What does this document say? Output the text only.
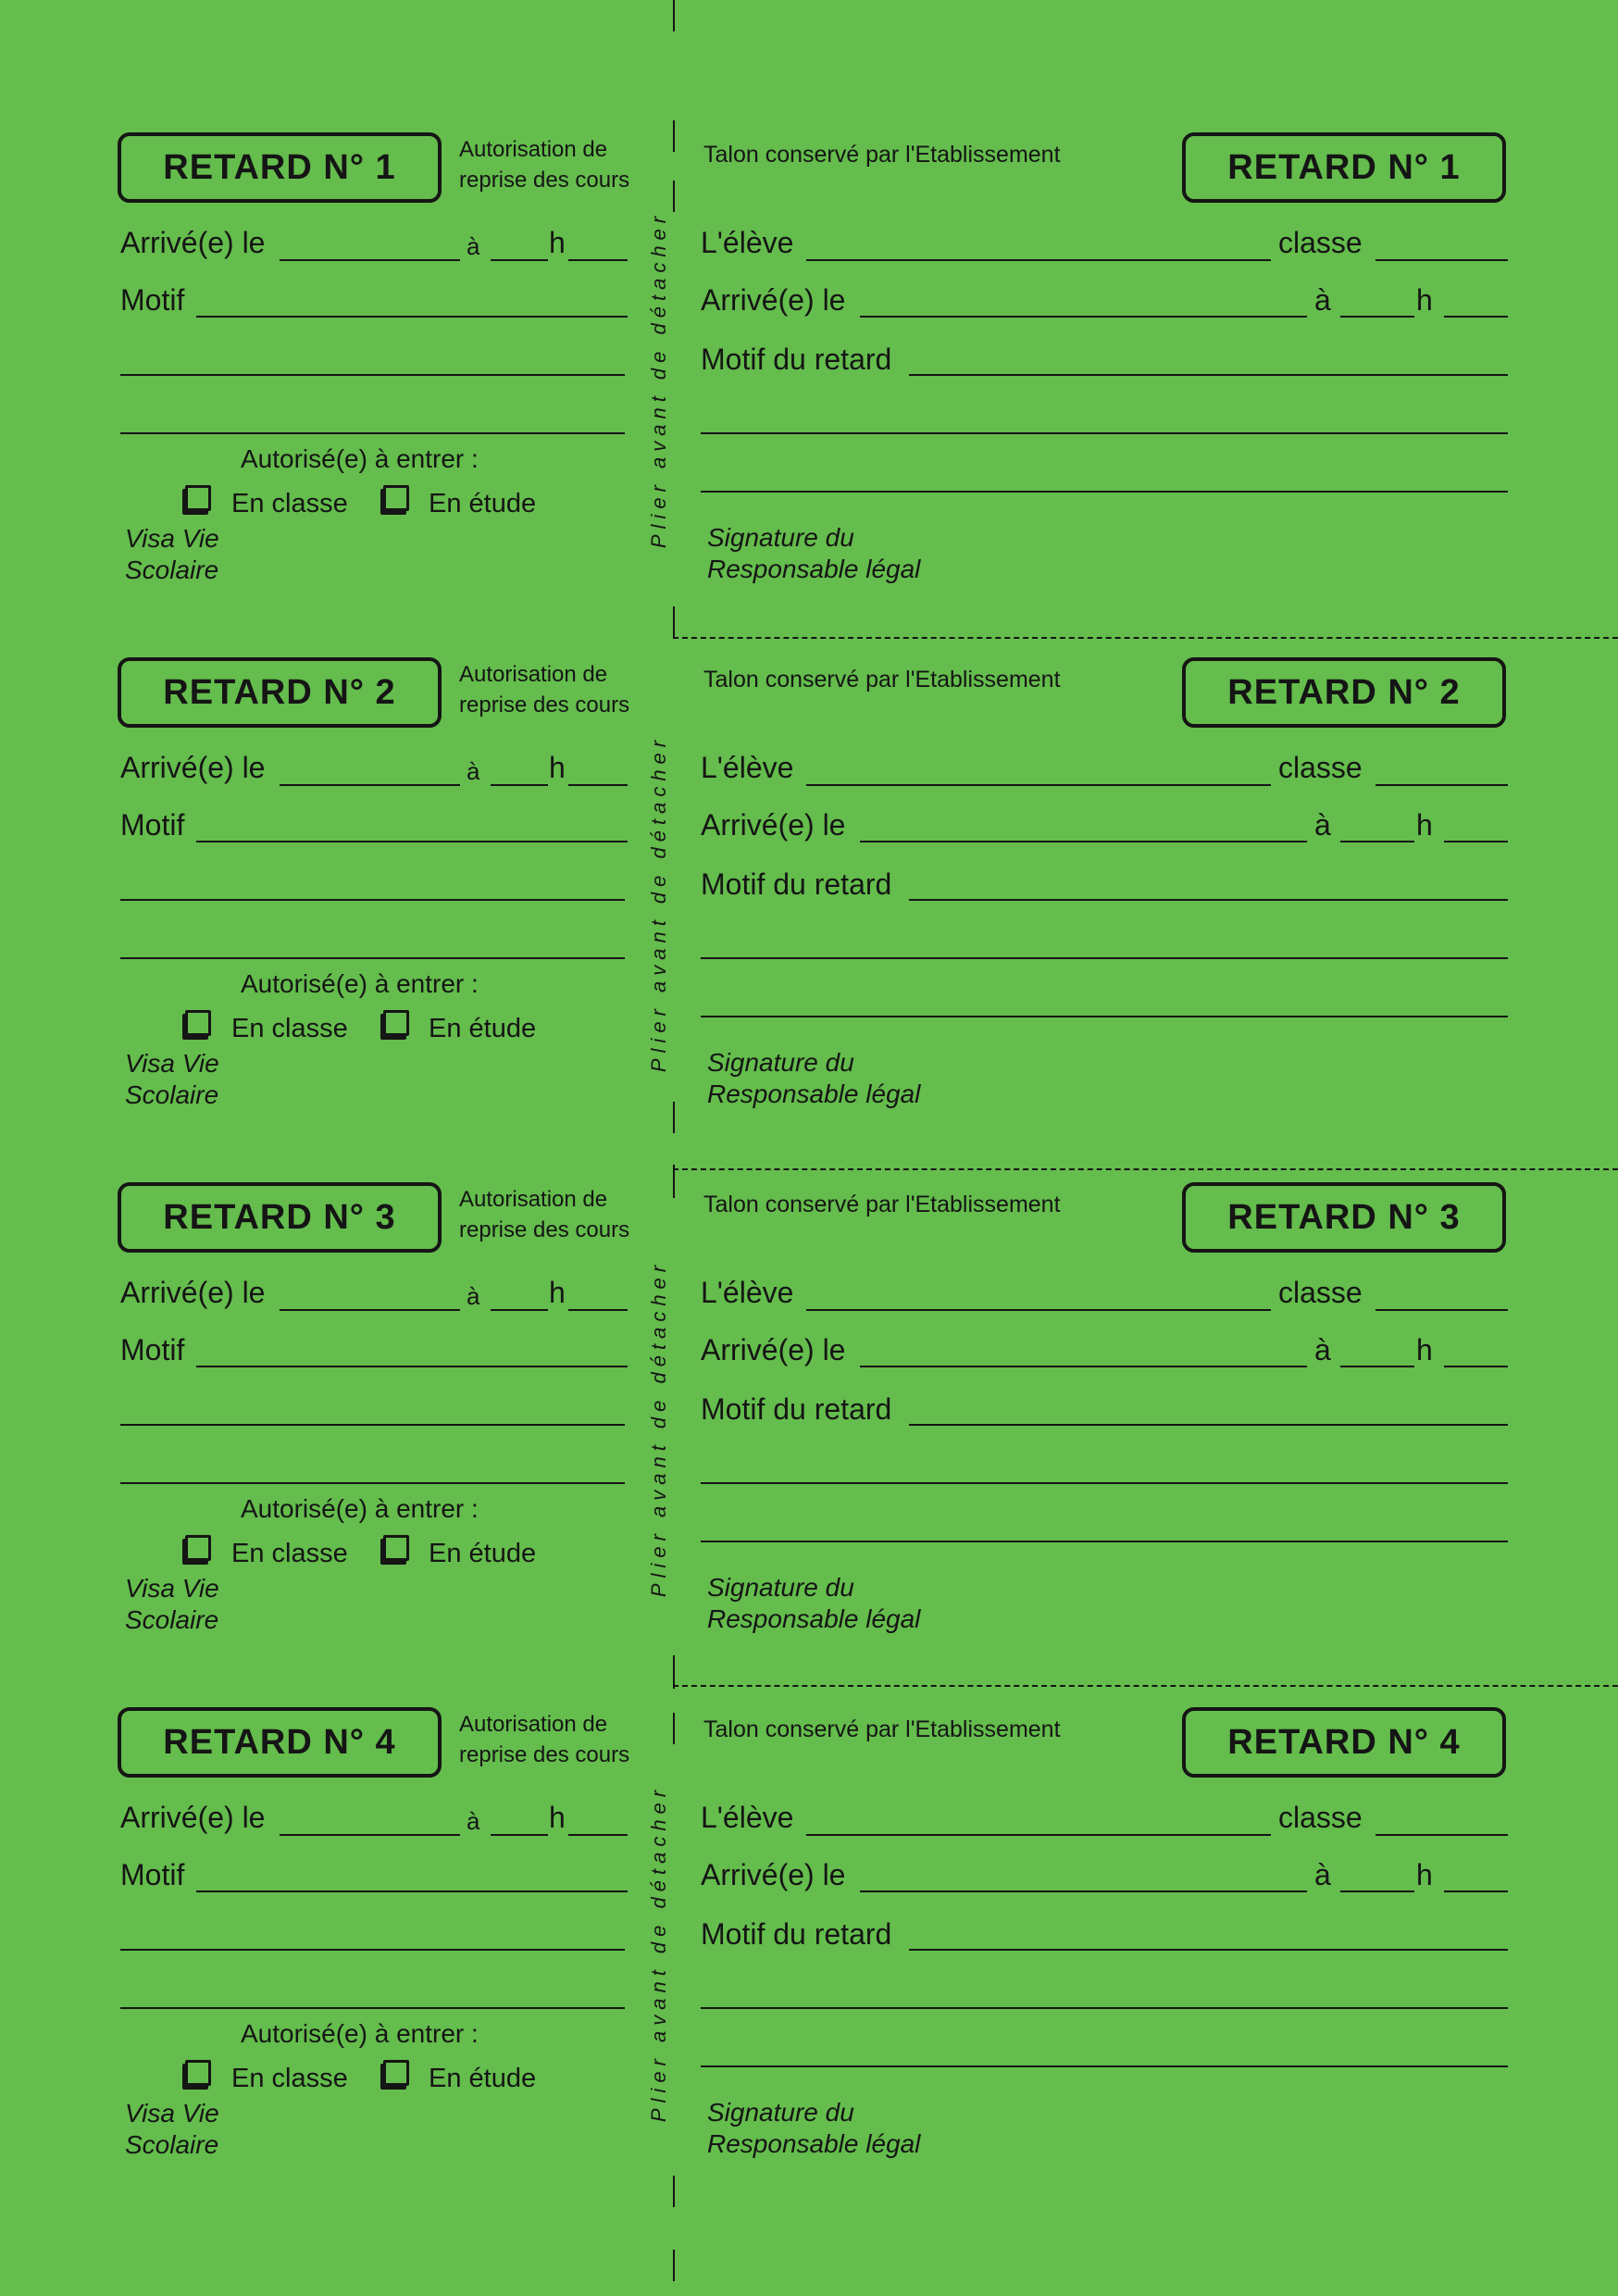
Plier avant de détacher
Plier avant de détacher
Plier avant de détacher
Plier avant de détacher
RETARD N° 1	Autorisation de
reprise des cours
Arrivé(e) le	à h
Motif
Autorisé(e) à entrer :
En classe	En étude
Visa Vie
Scolaire
Talon conservé par l'Etablissement	RETARD N° 1
L'élève	classe
Arrivé(e) le	à	h
Motif du retard
Signature du
Responsable légal
RETARD N° 2	Autorisation de
reprise des cours
Arrivé(e) le	à h
Motif
Autorisé(e) à entrer :
En classe	En étude
Visa Vie
Scolaire
Talon conservé par l'Etablissement	RETARD N° 2
L'élève	classe
Arrivé(e) le	à	h
Motif du retard
Signature du
Responsable légal
RETARD N° 3	Autorisation de
reprise des cours
Arrivé(e) le	à h
Motif
Autorisé(e) à entrer :
En classe	En étude
Visa Vie
Scolaire
Talon conservé par l'Etablissement	RETARD N° 3
L'élève	classe
Arrivé(e) le	à	h
Motif du retard
Signature du
Responsable légal
RETARD N° 4	Autorisation de
reprise des cours
Arrivé(e) le	à h
Motif
Autorisé(e) à entrer :
En classe	En étude
Visa Vie
Scolaire
Talon conservé par l'Etablissement	RETARD N° 4
L'élève	classe
Arrivé(e) le	à	h
Motif du retard
Signature du
Responsable légal
